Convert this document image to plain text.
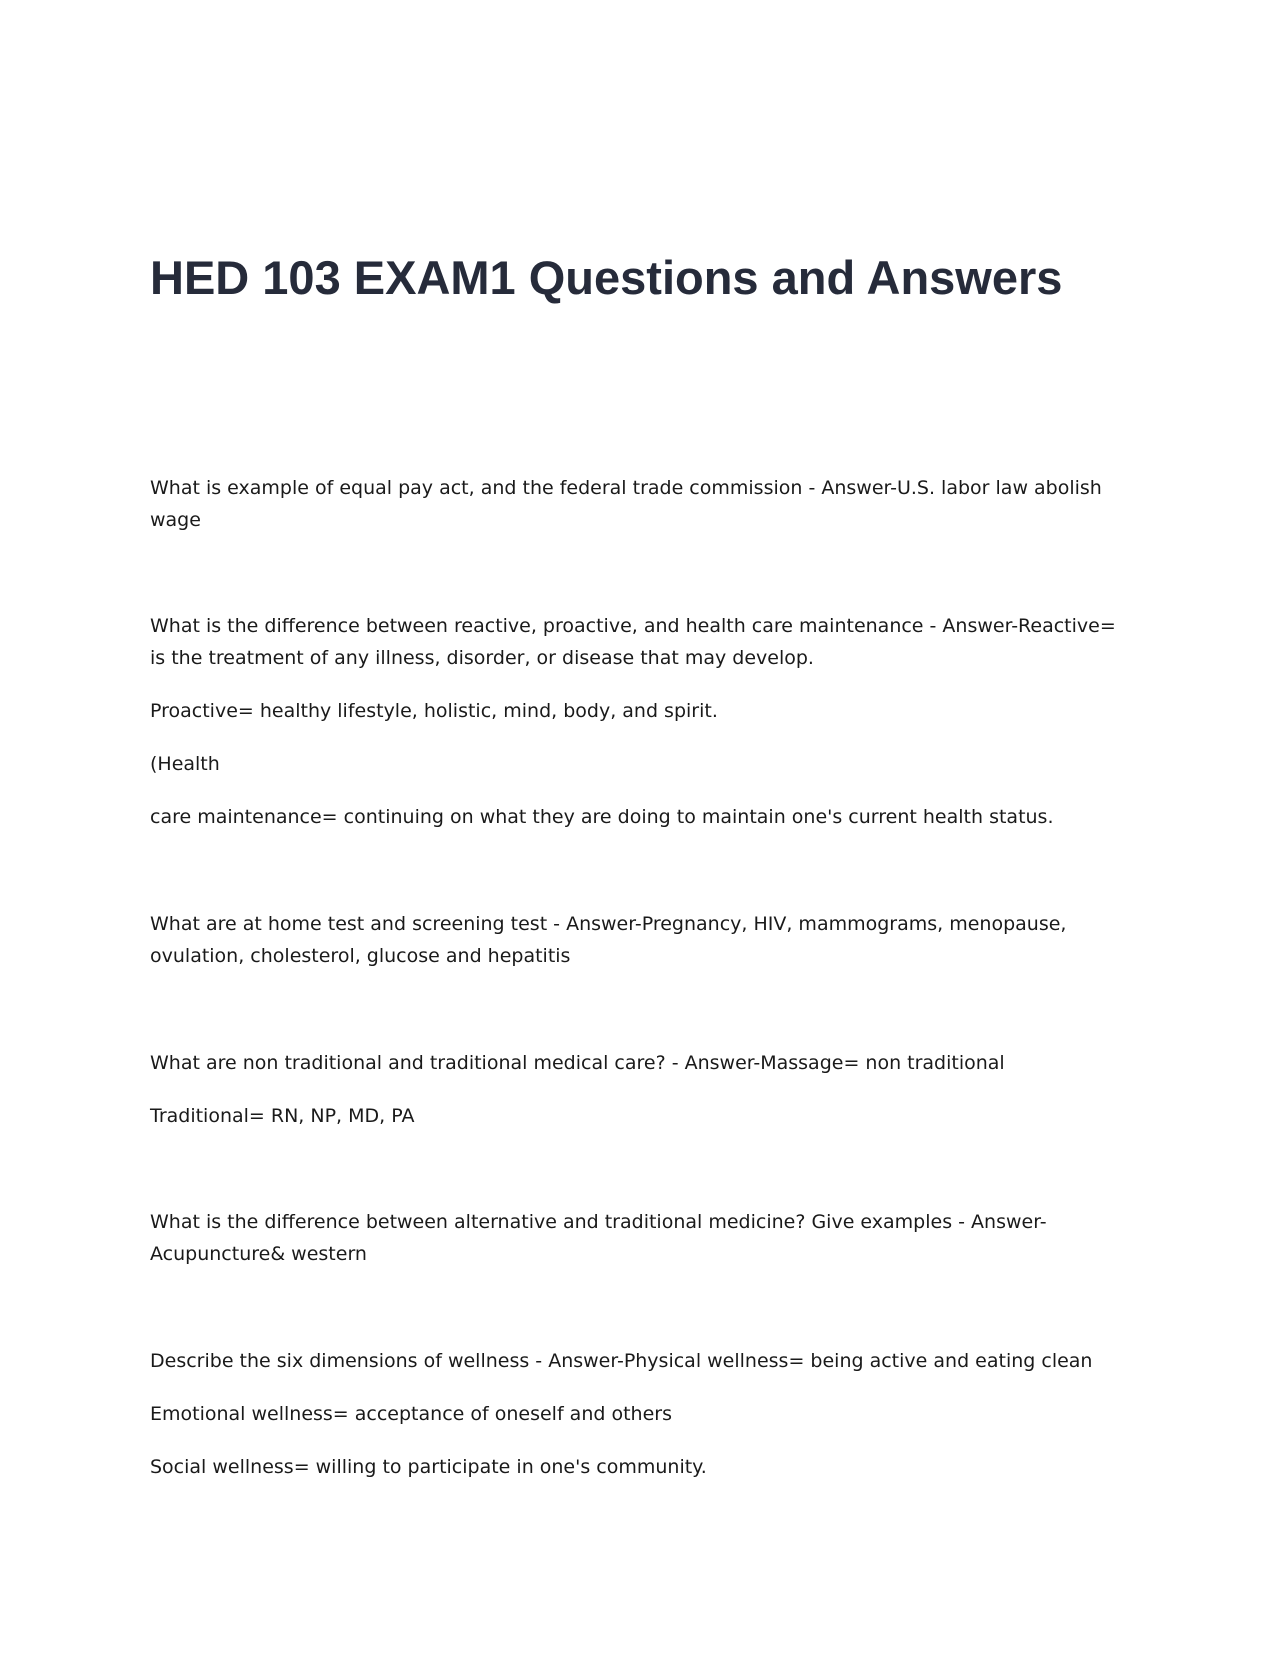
HED 103 EXAM1 Questions and Answers

What is example of equal pay act, and the federal trade commission - Answer-U.S. labor law abolish wage

What is the difference between reactive, proactive, and health care maintenance - Answer-Reactive= is the treatment of any illness, disorder, or disease that may develop.

Proactive= healthy lifestyle, holistic, mind, body, and spirit.

(Health

care maintenance= continuing on what they are doing to maintain one's current health status.

What are at home test and screening test - Answer-Pregnancy, HIV, mammograms, menopause, ovulation, cholesterol, glucose and hepatitis

What are non traditional and traditional medical care? - Answer-Massage= non traditional

Traditional= RN, NP, MD, PA

What is the difference between alternative and traditional medicine? Give examples - Answer-Acupuncture& western

Describe the six dimensions of wellness - Answer-Physical wellness= being active and eating clean

Emotional wellness= acceptance of oneself and others

Social wellness= willing to participate in one's community.
